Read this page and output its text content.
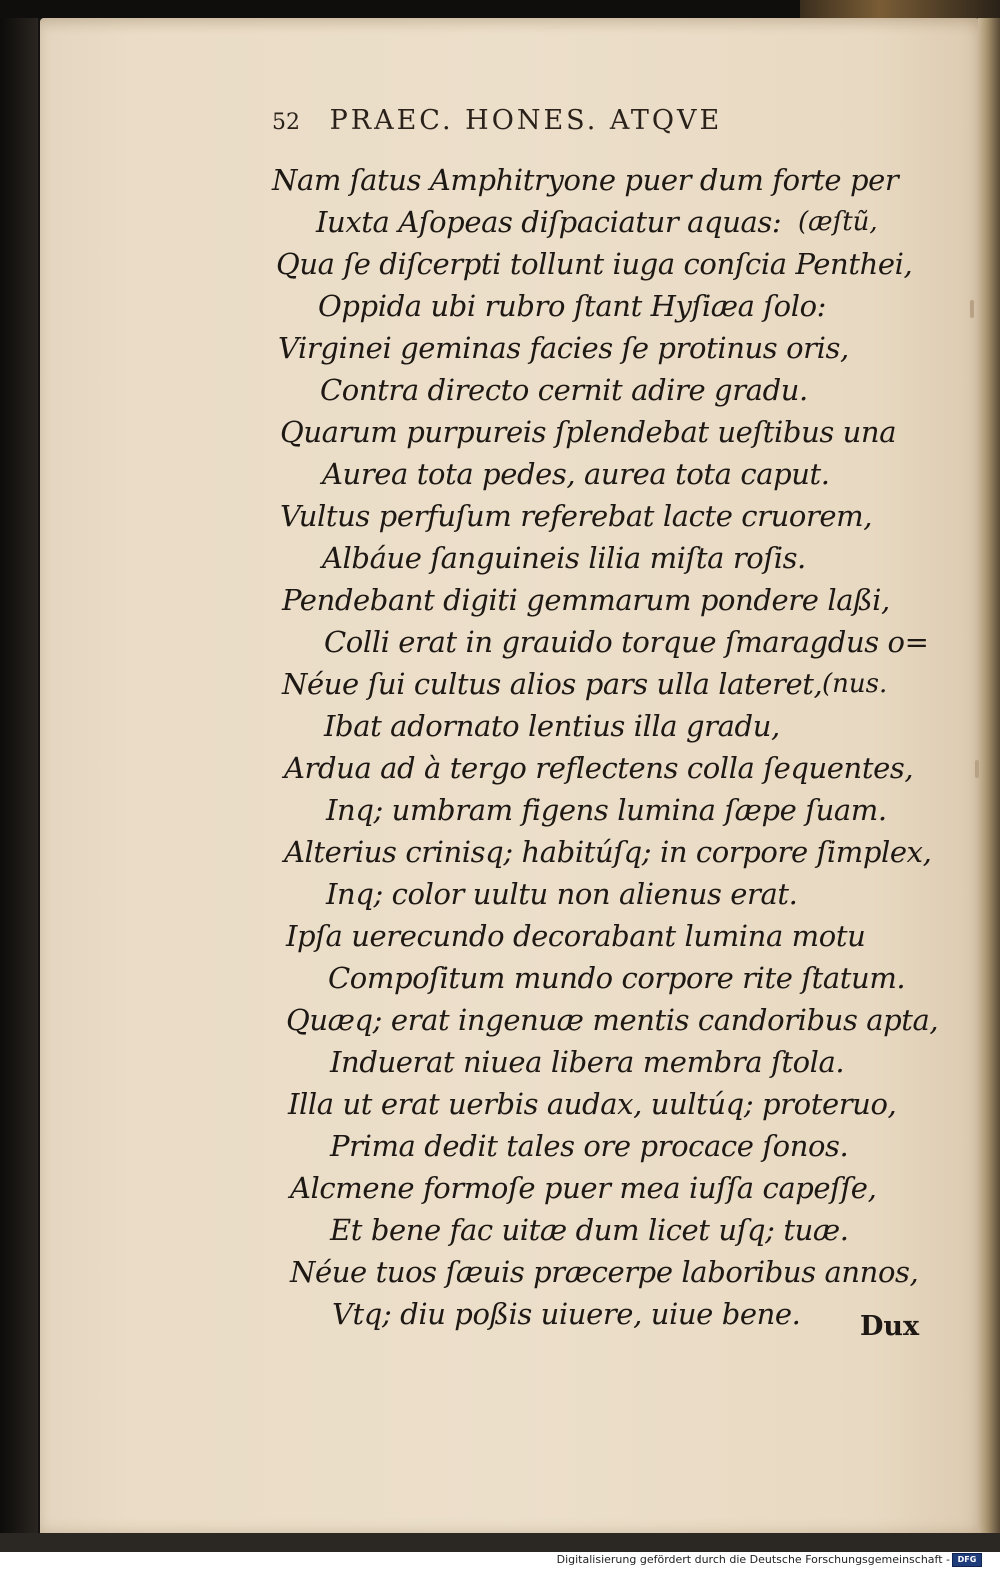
52 PRAEC. HONES. ATQVE
Nam ſatus Amphitryone puer dum forte per
Iuxta Aſopeas diſpaciatur aquas: (æſtũ,
Qua ſe diſcerpti tollunt iuga conſcia Penthei,
Oppida ubi rubro ſtant Hyſiæa ſolo:
Virginei geminas facies ſe protinus oris,
Contra directo cernit adire gradu.
Quarum purpureis ſplendebat ueſtibus una
Aurea tota pedes, aurea tota caput.
Vultus perfuſum referebat lacte cruorem,
Albáue ſanguineis lilia miſta roſis.
Pendebant digiti gemmarum pondere laßi,
Colli erat in grauido torque ſmaragdus o=
Néue ſui cultus alios pars ulla lateret, (nus.
Ibat adornato lentius illa gradu,
Ardua ad à tergo reflectens colla ſequentes,
Inq; umbram figens lumina ſæpe ſuam.
Alterius crinisq; habitúſq; in corpore ſimplex,
Inq; color uultu non alienus erat.
Ipſa uerecundo decorabant lumina motu
Compoſitum mundo corpore rite ſtatum.
Quæq; erat ingenuæ mentis candoribus apta,
Induerat niuea libera membra ſtola.
Illa ut erat uerbis audax, uultúq; proteruo,
Prima dedit tales ore procace ſonos.
Alcmene formoſe puer mea iuſſa capeſſe,
Et bene fac uitæ dum licet uſq; tuæ.
Néue tuos ſæuis præcerpe laboribus annos,
Vtq; diu poßis uiuere, uiue bene. Dux
Digitalisierung gefördert durch die Deutsche Forschungsgemeinschaft - DFG
